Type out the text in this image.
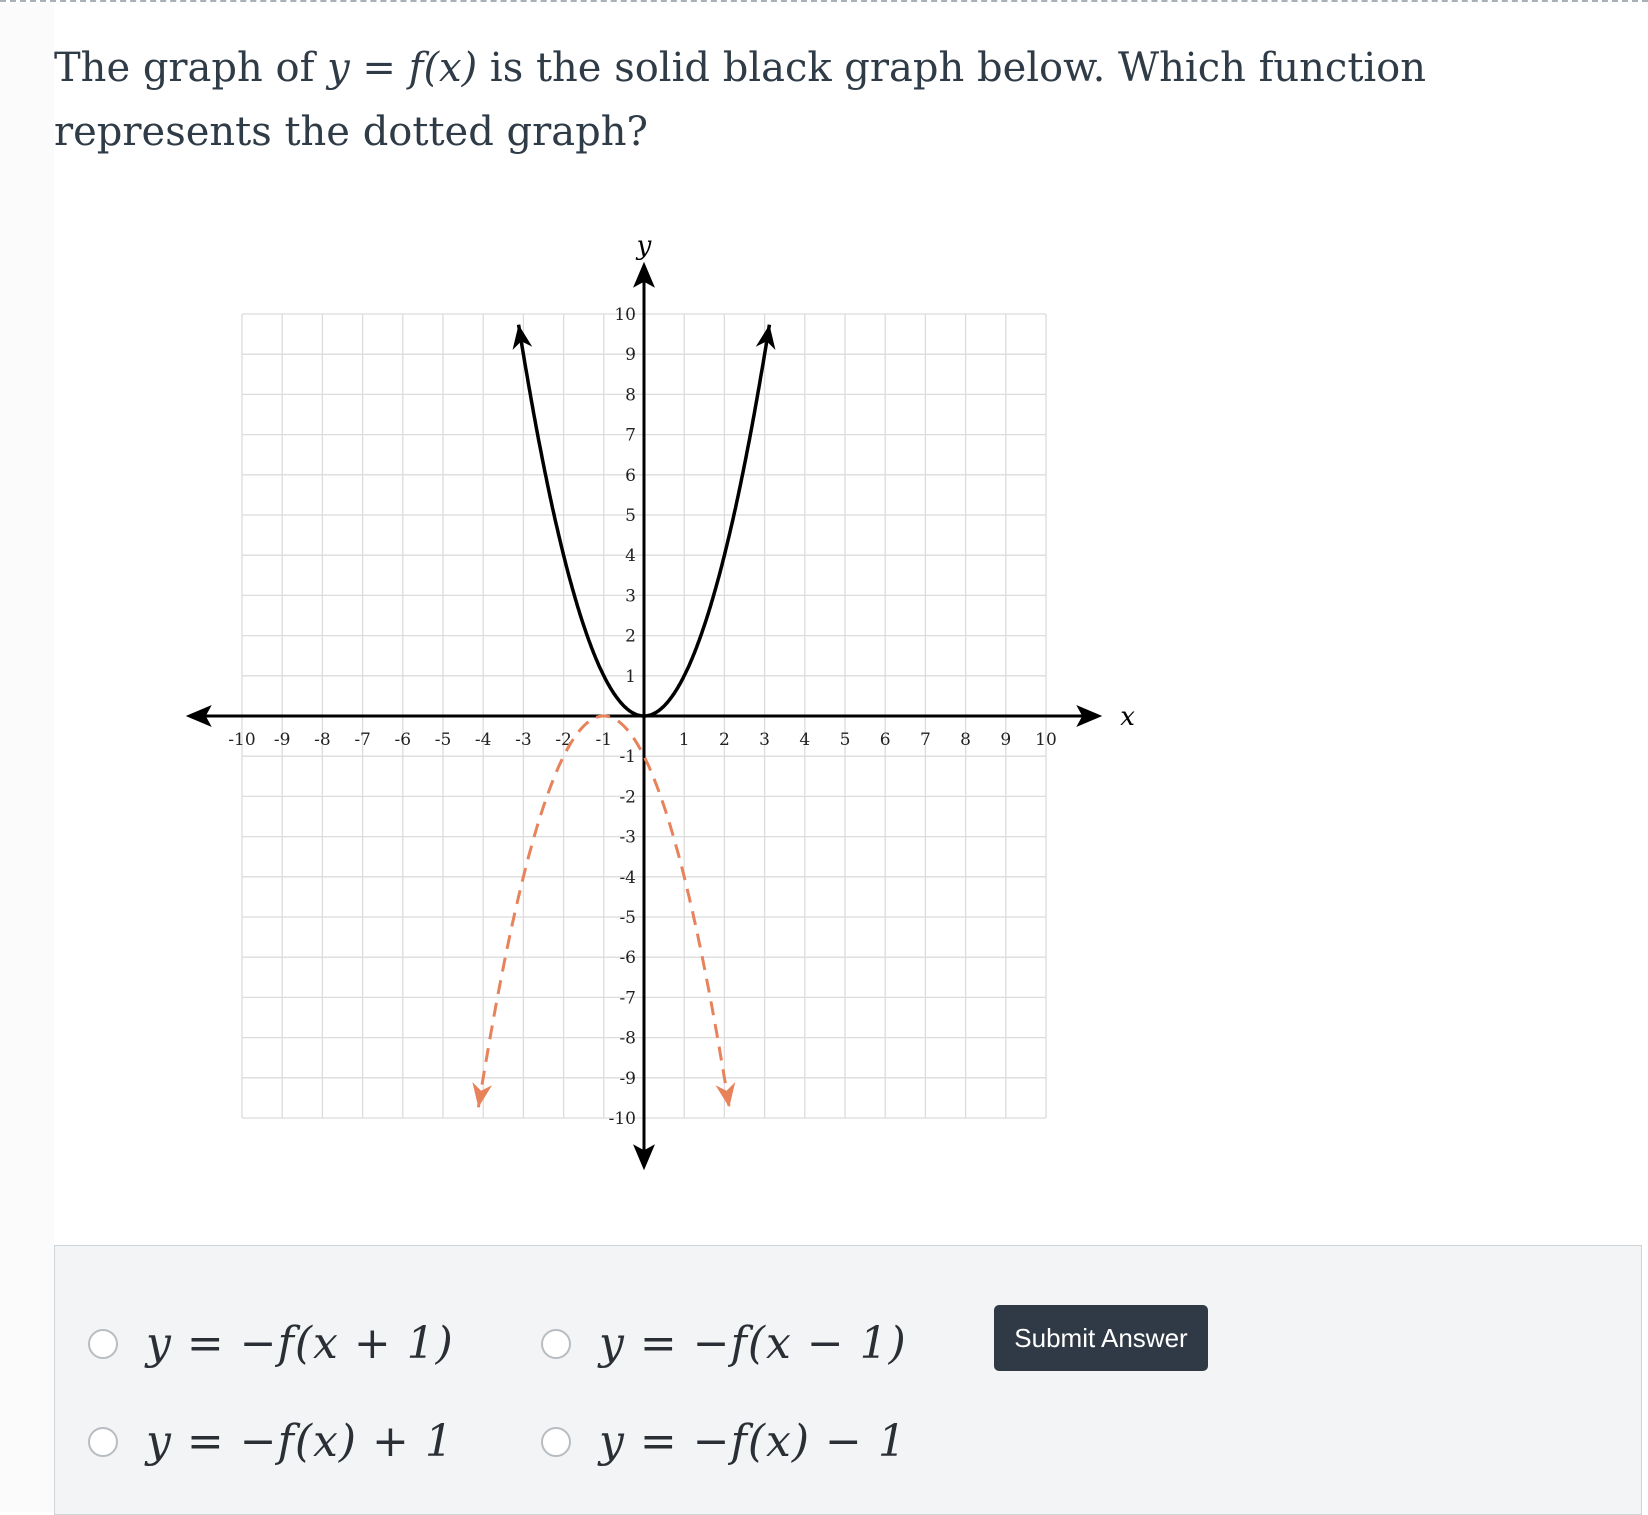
The graph of y = f(x) is the solid black graph below. Which function represents the dotted graph?
x
y
-10 -9 -8 -7 -6 -5 -4 -3 -2 -1	1 2 3 4 5 6 7 8 9 10
-10
-9
-8
-7
-6
-5
-4
-3
-2
-1
1
2
3
4
5
6
7
8
9
10
y = −f(x + 1)	y = −f(x − 1)
y = −f(x) + 1	y = −f(x) − 1
Submit Answer
